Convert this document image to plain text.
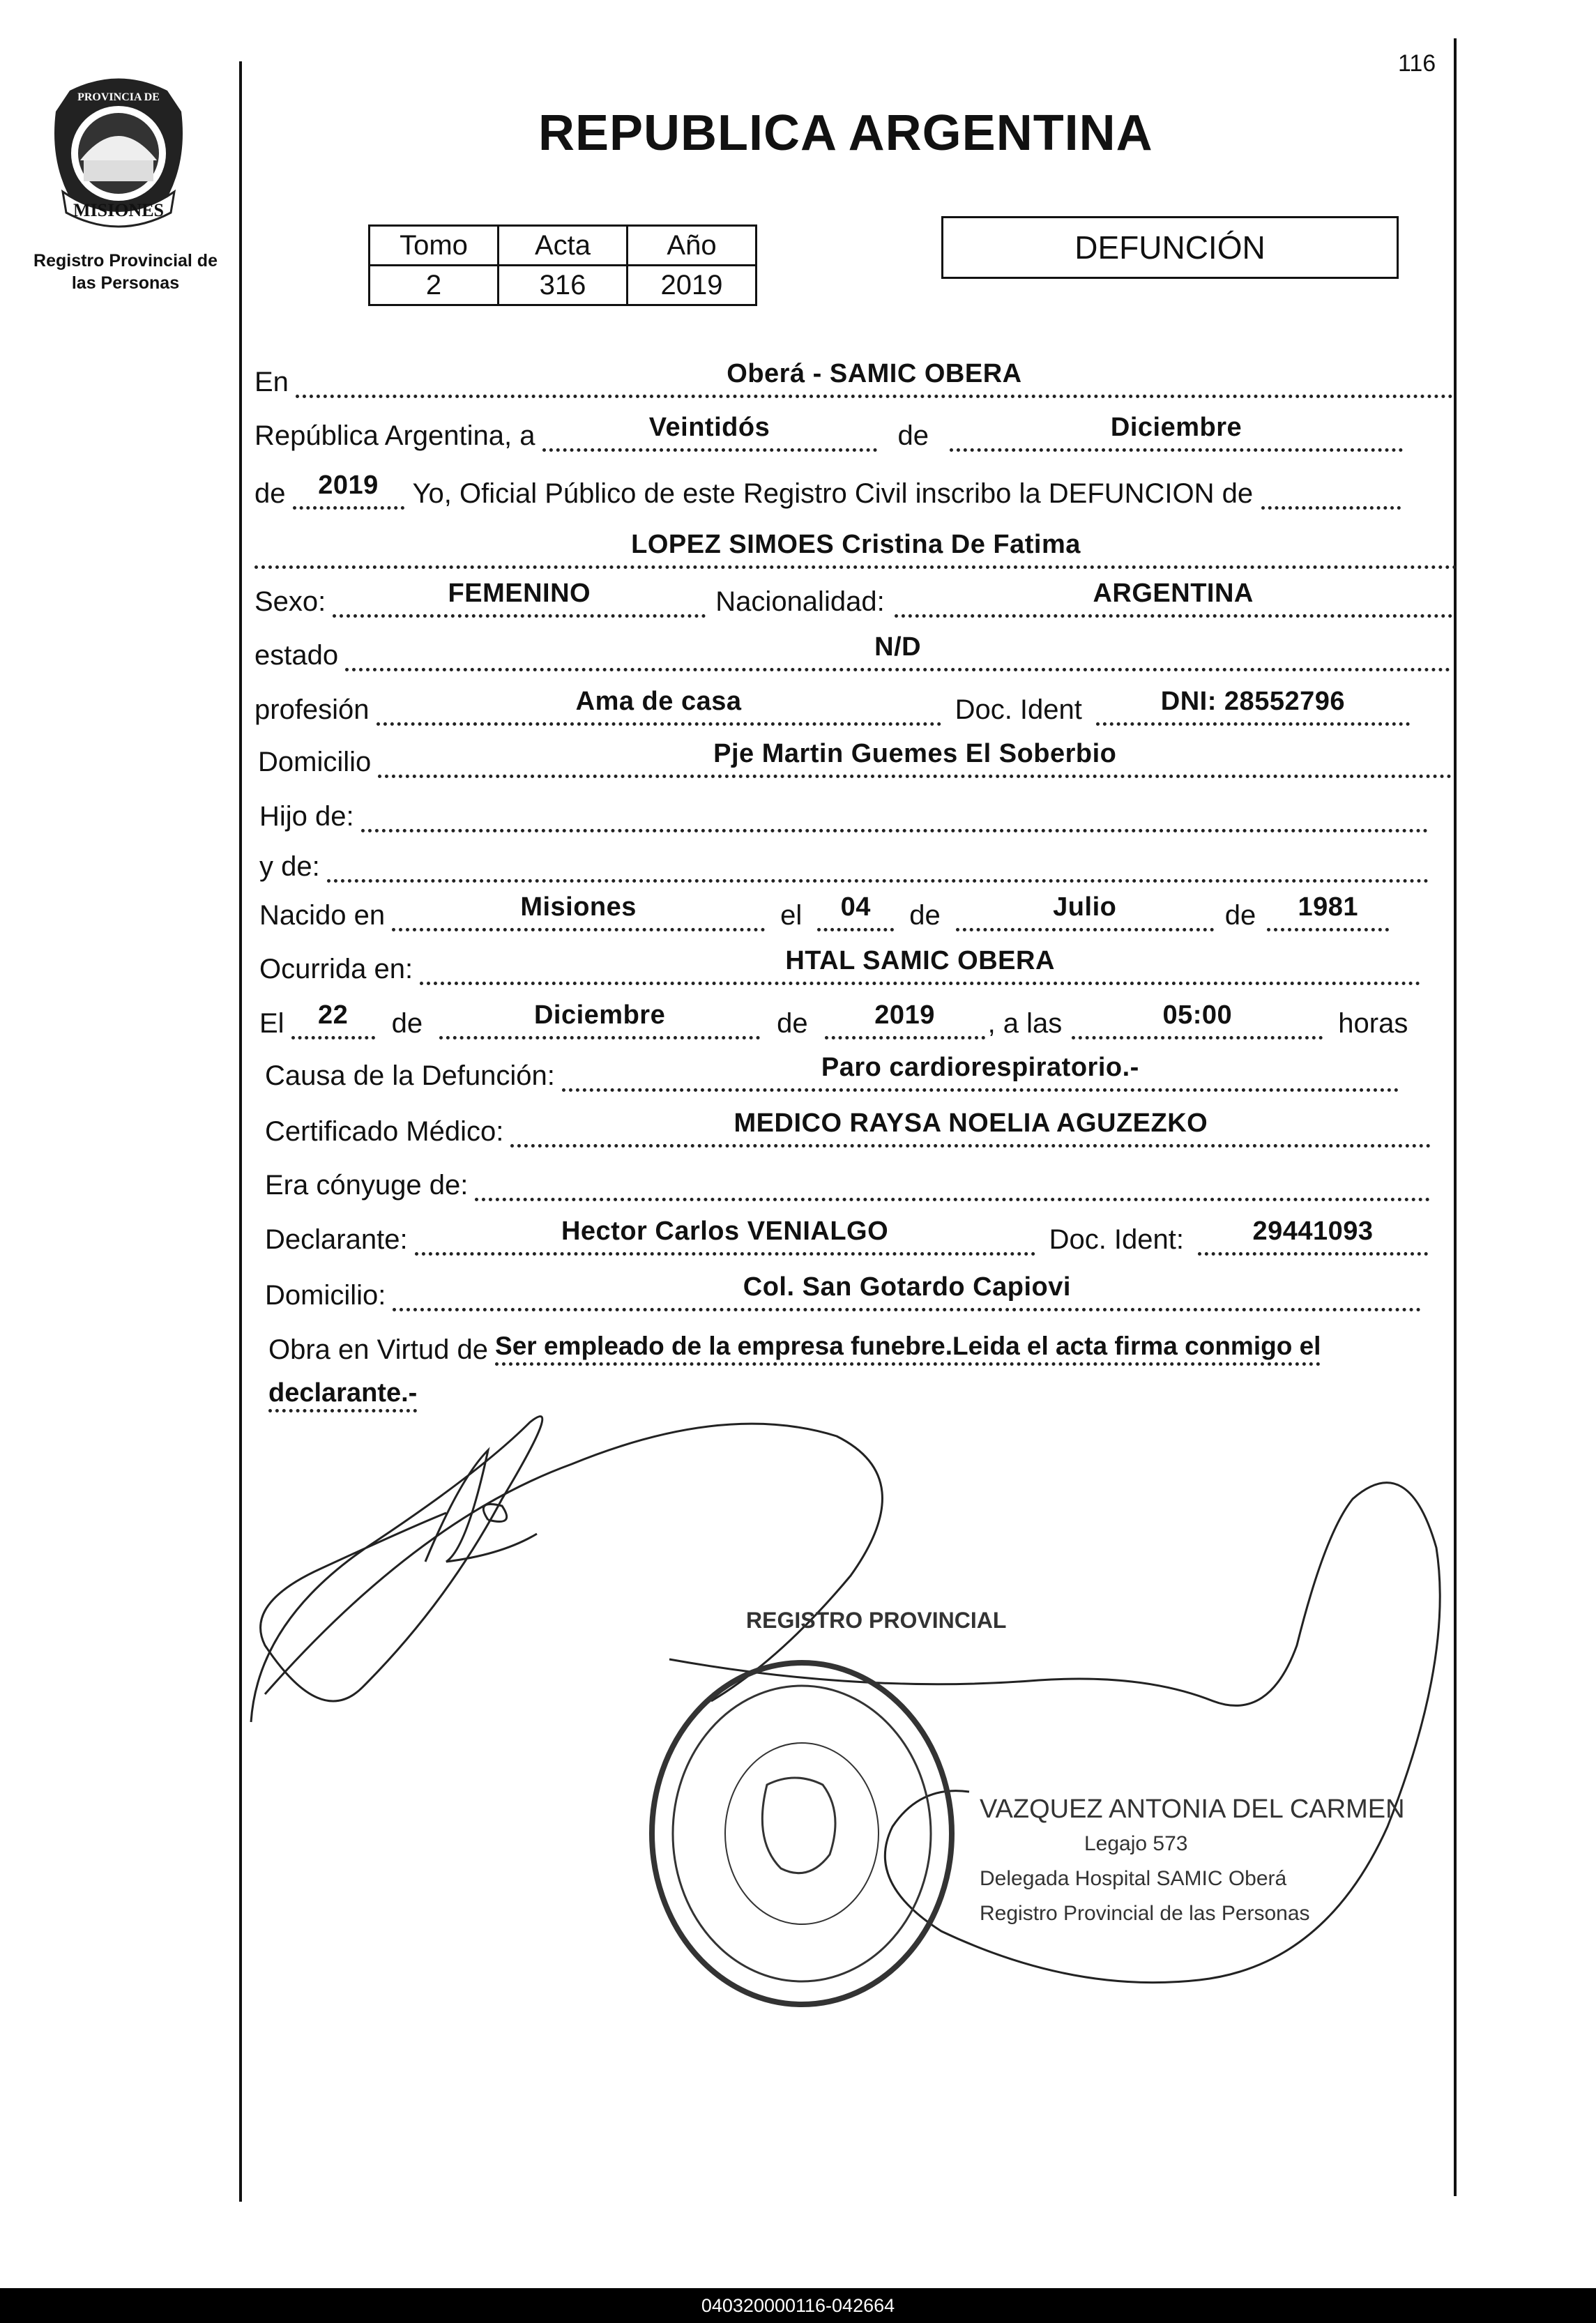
116
MISIONES
PROVINCIA DE
Registro Provincial de
las Personas
REPUBLICA ARGENTINA
Tomo	Acta	Año
2	316	2019
DEFUNCIÓN
En	Oberá - SAMIC OBERA
República Argentina, a	Veintidós	de	Diciembre
de	2019	Yo, Oficial Público de este Registro Civil inscribo la DEFUNCION de
LOPEZ SIMOES Cristina De Fatima
Sexo:	FEMENINO	Nacionalidad:	ARGENTINA
estado	N/D
profesión	Ama de casa	Doc. Ident	DNI: 28552796
Domicilio	Pje Martin Guemes El Soberbio
Hijo de:
y de:
Nacido en	Misiones	el	04	de	Julio	de	1981
Ocurrida en:	HTAL SAMIC OBERA
El	22	de	Diciembre	de	2019	, a las	05:00	horas
Causa de la Defunción:	Paro cardiorespiratorio.-
Certificado Médico:	MEDICO RAYSA NOELIA AGUZEZKO
Era cónyuge de:
Declarante:	Hector Carlos VENIALGO	Doc. Ident:	29441093
Domicilio:	Col. San Gotardo Capiovi
Obra en Virtud de Ser empleado de la empresa funebre.Leida el acta firma conmigo el
declarante.-
REGISTRO PROVINCIAL
VAZQUEZ ANTONIA DEL CARMEN
Legajo 573
Delegada Hospital SAMIC Oberá
Registro Provincial de las Personas
040320000116-042664
